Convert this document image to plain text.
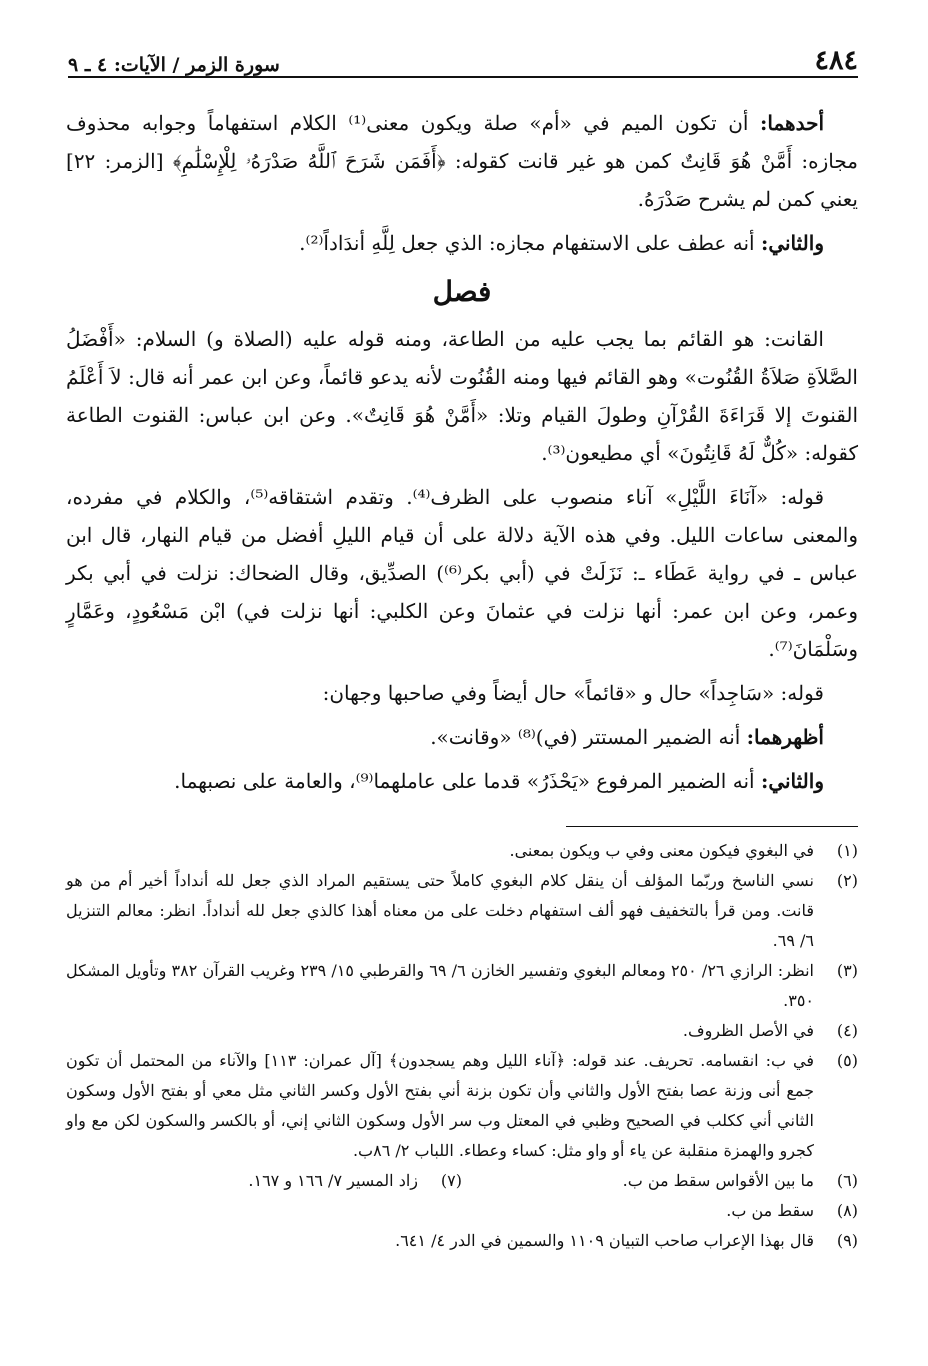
٤٨٤
سورة الزمر / الآيات: ٤ ـ ٩

أحدهما: أن تكون الميم في «أم» صلة ويكون معنى⁽¹⁾ الكلام استفهاماً وجوابه محذوف مجازه: أَمَّنْ هُوَ قَانِتٌ كمن هو غير قانت كقوله: ﴿أَفَمَن شَرَحَ ٱللَّهُ صَدْرَهُۥ لِلْإِسْلَٰمِ﴾ [الزمر: ٢٢] يعني كمن لم يشرح صَدْرَهُ.

والثاني: أنه عطف على الاستفهام مجازه: الذي جعل لِلَّهِ أندَاداً⁽²⁾.

فصل

القانت: هو القائم بما يجب عليه من الطاعة، ومنه قوله عليه (الصلاة و) السلام: «أَفْضَلُ الصَّلاَةِ صَلاَةُ القُنُوت» وهو القائم فيها ومنه القُنُوت لأنه يدعو قائماً، وعن ابن عمر أنه قال: لاَ أَعْلَمُ القنوتَ إلا قَرَاءَةَ القُرْآنِ وطولَ القيام وتلا: «أَمَّنْ هُوَ قَانِتٌ». وعن ابن عباس: القنوت الطاعة كقوله: «كُلٌّ لَهُ قَانِتُونَ» أي مطيعون⁽³⁾.

قوله: «آنَاءَ اللَّيْلِ» آناء منصوب على الظرف⁽⁴⁾. وتقدم اشتقاقه⁽⁵⁾، والكلام في مفرده، والمعنى ساعات الليل. وفي هذه الآية دلالة على أن قيام الليلِ أفضل من قيام النهار، قال ابن عباس ـ في رواية عَطَاء ـ: نَزَلَتْ في (أبي بكر⁽⁶⁾) الصدِّيق، وقال الضحاك: نزلت في أبي بكر وعمر، وعن ابن عمر: أنها نزلت في عثمانَ وعن الكلبي: أنها نزلت في) ابْن مَسْعُودٍ، وعَمَّارٍ وسَلْمَانَ⁽⁷⁾.

قوله: «سَاجِداً» حال و «قائماً» حال أيضاً وفي صاحبها وجهان:

أظهرهما: أنه الضمير المستتر (في)⁽⁸⁾ «وقانت».

والثاني: أنه الضمير المرفوع «يَحْذَرُ» قدما على عاملهما⁽⁹⁾، والعامة على نصبهما.

(١)
في البغوي فيكون معنى وفي ب ويكون بمعنى.
(٢)
نسي الناسخ وربّما المؤلف أن ينقل كلام البغوي كاملاً حتى يستقيم المراد الذي جعل لله أنداداً أخير أم من هو قانت. ومن قرأ بالتخفيف فهو ألف استفهام دخلت على من معناه أهذا كالذي جعل لله أنداداً. انظر: معالم التنزيل ٦/ ٦٩.
(٣)
انظر: الرازي ٢٦/ ٢٥٠ ومعالم البغوي وتفسير الخازن ٦/ ٦٩ والقرطبي ١٥/ ٢٣٩ وغريب القرآن ٣٨٢ وتأويل المشكل ٣٥٠.
(٤)
في الأصل الظروف.
(٥)
في ب: انقسامه. تحريف. عند قوله: ﴿آناء الليل وهم يسجدون﴾ [آل عمران: ١١٣] والآناء من المحتمل أن تكون جمع أنى وزنة عصا بفتح الأول والثاني وأن تكون بزنة أني بفتح الأول وكسر الثاني مثل معي أو بفتح الأول وسكون الثاني أني ككلب في الصحيح وظبي في المعتل وب سر الأول وسكون الثاني إني، أو بالكسر والسكون لكن مع واو كجرو والهمزة منقلبة عن ياء أو واو مثل: كساء وعطاء. اللباب ٢/ ٨٦ب.
(٦)
ما بين الأقواس سقط من ب.
(٧)
زاد المسير ٧/ ١٦٦ و ١٦٧.
(٨)
سقط من ب.
(٩)
قال بهذا الإعراب صاحب التبيان ١١٠٩ والسمين في الدر ٤/ ٦٤١.
